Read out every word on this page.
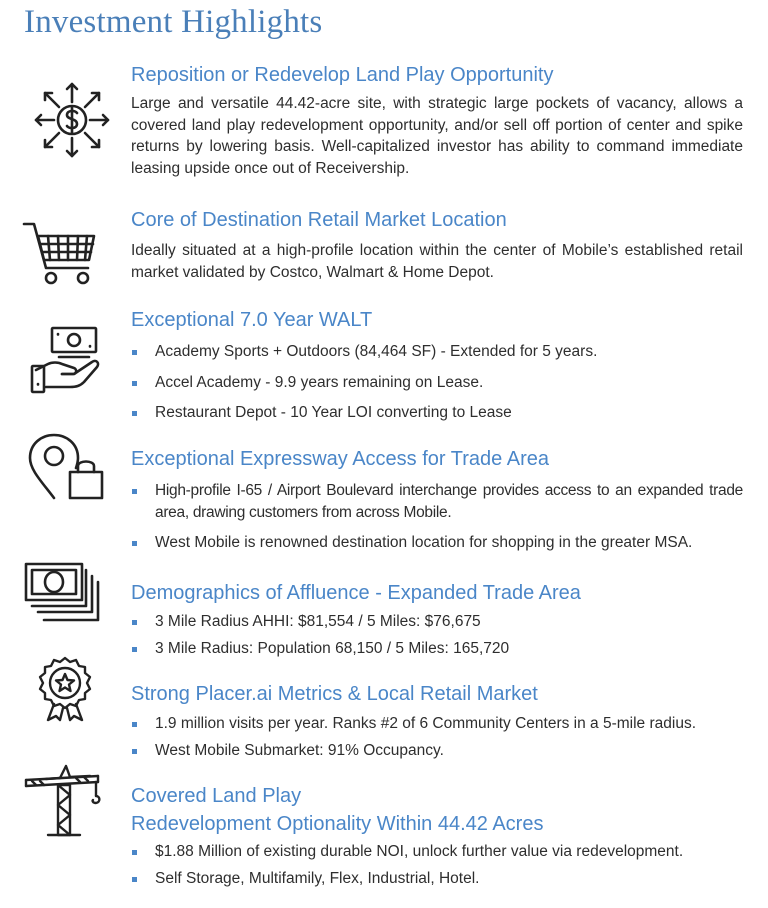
Investment Highlights
Reposition or Redevelop Land Play Opportunity
Large and versatile 44.42-acre site, with strategic large pockets of vacancy, allows a covered land play redevelopment opportunity, and/or sell off portion of center and spike returns by lowering basis. Well-capitalized investor has ability to command immediate leasing upside once out of Receivership.
Core of Destination Retail Market Location
Ideally situated at a high-profile location within the center of Mobile’s established retail market validated by Costco, Walmart & Home Depot.
Exceptional 7.0 Year WALT
Academy Sports + Outdoors (84,464 SF) - Extended for 5 years.
Accel Academy - 9.9 years remaining on Lease.
Restaurant Depot - 10 Year LOI converting to Lease
Exceptional Expressway Access for Trade Area
High-profile I-65 / Airport Boulevard interchange provides access to an expanded trade area, drawing customers from across Mobile.
West Mobile is renowned destination location for shopping in the greater MSA.
Demographics of Affluence - Expanded Trade Area
3 Mile Radius AHHI: $81,554 / 5 Miles: $76,675
3 Mile Radius: Population 68,150 / 5 Miles: 165,720
Strong Placer.ai Metrics & Local Retail Market
1.9 million visits per year. Ranks #2 of 6 Community Centers in a 5-mile radius.
West Mobile Submarket: 91% Occupancy.
Covered Land Play
Redevelopment Optionality Within 44.42 Acres
$1.88 Million of existing durable NOI, unlock further value via redevelopment.
Self Storage, Multifamily, Flex, Industrial, Hotel.
